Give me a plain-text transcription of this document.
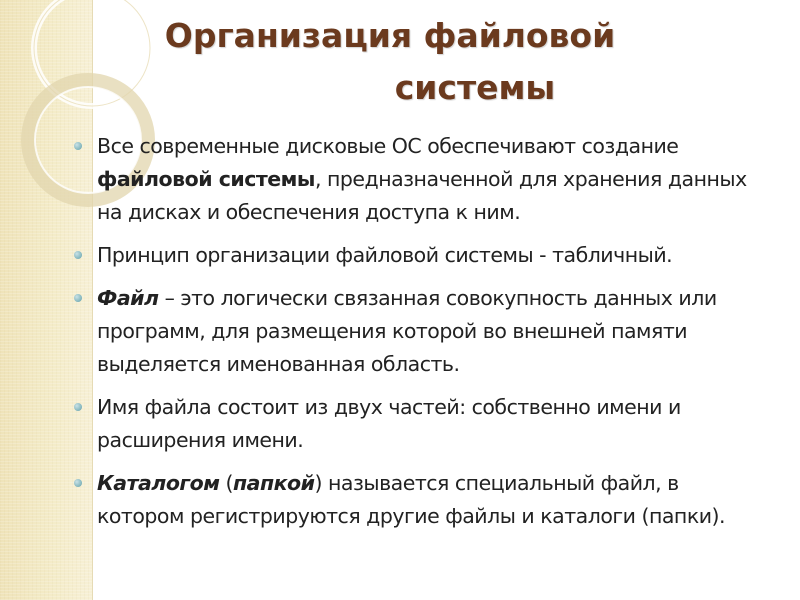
Организация файловой
системы
Все современные дисковые ОС обеспечивают создание файловой системы, предназначенной для хранения данных на дисках и обеспечения доступа к ним.
Принцип организации файловой системы - табличный.
Файл – это логически связанная совокупность данных или программ, для размещения которой во внешней памяти выделяется именованная область.
Имя файла состоит из двух частей: собственно имени и расширения имени.
Каталогом (папкой) называется специальный файл, в котором регистрируются другие файлы и каталоги (папки).
